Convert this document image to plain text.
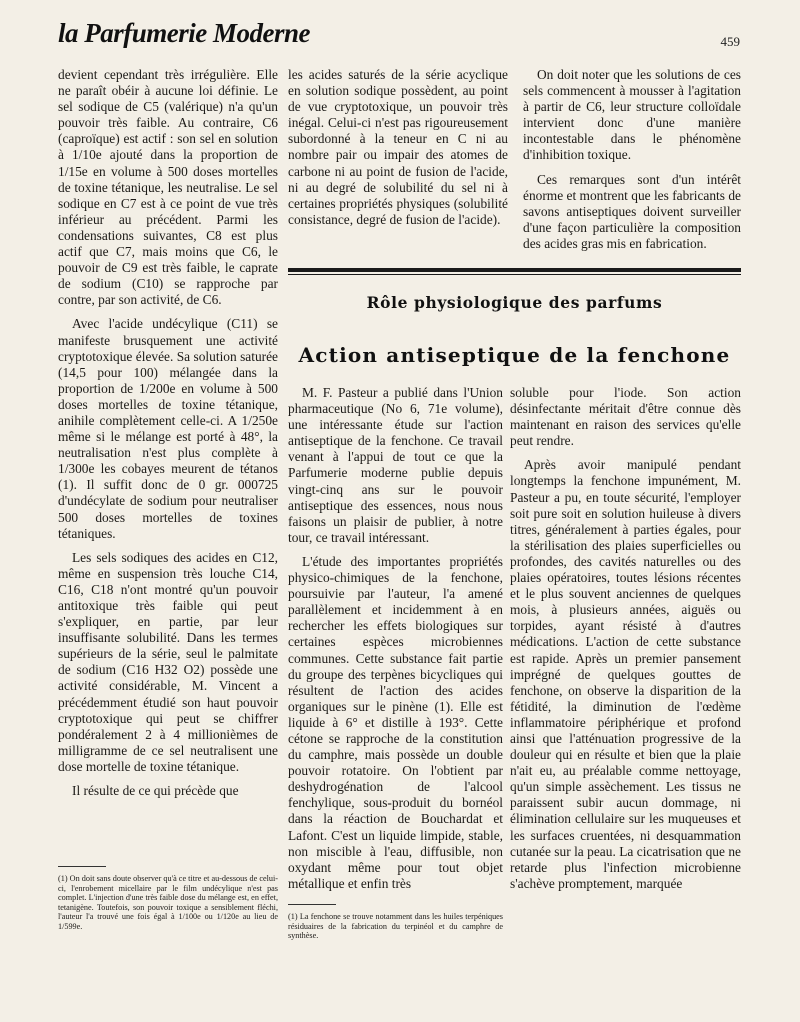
la Parfumerie Moderne	459

devient cependant très irrégulière. Elle ne paraît obéir à aucune loi définie. Le sel sodique de C5 (valérique) n'a qu'un pouvoir très faible. Au contraire, C6 (caproïque) est actif : son sel en solution à 1/10e ajouté dans la proportion de 1/15e en volume à 500 doses mortelles de toxine tétanique, les neutralise. Le sel sodique en C7 est à ce point de vue très inférieur au précédent. Parmi les condensations suivantes, C8 est plus actif que C7, mais moins que C6, le pouvoir de C9 est très faible, le caprate de sodium (C10) se rapproche par contre, par son activité, de C6.

Avec l'acide undécylique (C11) se manifeste brusquement une activité cryptotoxique élevée. Sa solution saturée (14,5 pour 100) mélangée dans la proportion de 1/200e en volume à 500 doses mortelles de toxine tétanique, anihile complètement celle-ci. A 1/250e même si le mélange est porté à 48°, la neutralisation n'est plus complète à 1/300e les cobayes meurent de tétanos (1). Il suffit donc de 0 gr. 000725 d'undécylate de sodium pour neutraliser 500 doses mortelles de toxines tétaniques.

Les sels sodiques des acides en C12, même en suspension très louche C14, C16, C18 n'ont montré qu'un pouvoir antitoxique très faible qui peut s'expliquer, en partie, par leur insuffisante solubilité. Dans les termes supérieurs de la série, seul le palmitate de sodium (C16 H32 O2) possède une activité considérable, M. Vincent a précédemment étudié son haut pouvoir cryptotoxique qui peut se chiffrer pondéralement 2 à 4 millionièmes de milligramme de ce sel neutralisent une dose mortelle de toxine tétanique.

Il résulte de ce qui précède que

les acides saturés de la série acyclique en solution sodique possèdent, au point de vue cryptotoxique, un pouvoir très inégal. Celui-ci n'est pas rigoureusement subordonné à la teneur en C ni au nombre pair ou impair des atomes de carbone ni au point de fusion de l'acide, ni au degré de solubilité du sel ni à certaines propriétés physiques (solubilité consistance, degré de fusion de l'acide).

On doit noter que les solutions de ces sels commencent à mousser à l'agitation à partir de C6, leur structure colloïdale intervient donc d'une manière incontestable dans le phénomène d'inhibition toxique.

Ces remarques sont d'un intérêt énorme et montrent que les fabricants de savons antiseptiques doivent surveiller d'une façon particulière la composition des acides gras mis en fabrication.

Rôle physiologique des parfums
Action antiseptique de la fenchone

M. F. Pasteur a publié dans l'Union pharmaceutique (No 6, 71e volume), une intéressante étude sur l'action antiseptique de la fenchone. Ce travail venant à l'appui de tout ce que la Parfumerie moderne publie depuis vingt-cinq ans sur le pouvoir antiseptique des essences, nous nous faisons un plaisir de publier, à notre tour, ce travail intéressant.

L'étude des importantes propriétés physico-chimiques de la fenchone, poursuivie par l'auteur, l'a amené parallèlement et incidemment à en rechercher les effets biologiques sur certaines espèces microbiennes communes. Cette substance fait partie du groupe des terpènes bicycliques qui résultent de l'action des acides organiques sur le pinène (1). Elle est liquide à 6° et distille à 193°. Cette cétone se rapproche de la constitution du camphre, mais possède un double pouvoir rotatoire. On l'obtient par deshydrogénation de l'alcool fenchylique, sous-produit du bornéol dans la réaction de Bouchardat et Lafont. C'est un liquide limpide, stable, non miscible à l'eau, diffusible, non oxydant même pour tout objet métallique et enfin très

soluble pour l'iode. Son action désinfectante méritait d'être connue dès maintenant en raison des services qu'elle peut rendre.

Après avoir manipulé pendant longtemps la fenchone impunément, M. Pasteur a pu, en toute sécurité, l'employer soit pure soit en solution huileuse à divers titres, généralement à parties égales, pour la stérilisation des plaies superficielles ou profondes, des cavités naturelles ou des plaies opératoires, toutes lésions récentes et le plus souvent anciennes de quelques mois, à plusieurs années, aiguës ou torpides, ayant résisté à d'autres médications. L'action de cette substance est rapide. Après un premier pansement imprégné de quelques gouttes de fenchone, on observe la disparition de la fétidité, la diminution de l'œdème inflammatoire périphérique et profond ainsi que l'atténuation progressive de la douleur qui en résulte et bien que la plaie n'ait eu, au préalable comme nettoyage, qu'un simple assèchement. Les tissus ne paraissent subir aucun dommage, ni élimination cellulaire sur les muqueuses et les surfaces cruentées, ni desquammation cutanée sur la peau. La cicatrisation que ne retarde plus l'infection microbienne s'achève promptement, marquée

(1) On doit sans doute observer qu'à ce titre et au-dessous de celui-ci, l'enrobement micellaire par le film undécylique n'est pas complet. L'injection d'une très faible dose du mélange est, en effet, tetanigène. Toutefois, son pouvoir toxique a sensiblement fléchi, l'auteur l'a trouvé une fois égal à 1/100e ou 1/120e au lieu de 1/599e.
(1) La fenchone se trouve notamment dans les huiles terpéniques résiduaires de la fabrication du terpinéol et du camphre de synthèse.
